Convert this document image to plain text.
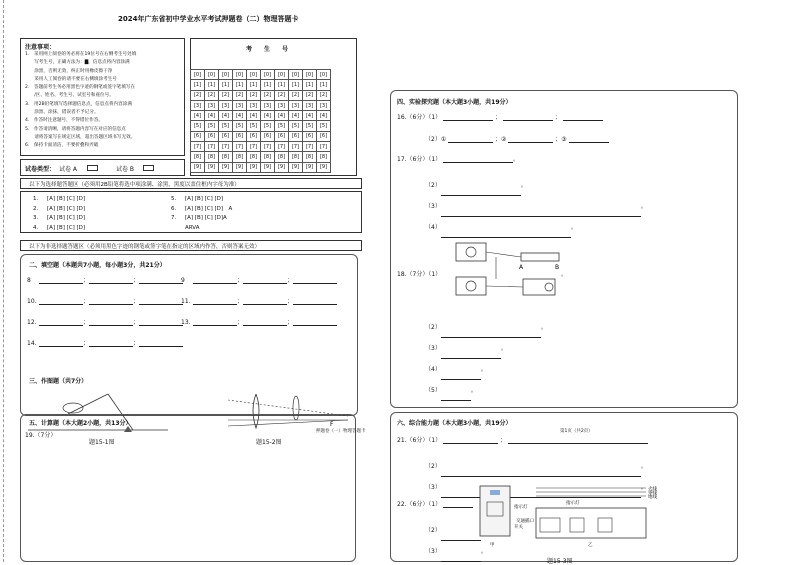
2024年广东省初中学业水平考试押题卷（二）物理答题卡
注意事项：
1.　采用网上阅卷的务必将在19位号在右侧考生号处填
　　写考生号，正确方法为：▇，信息点将内容涂满
　　涂黑，否则无效，纠正时用橡皮擦干净
　　采用人工阅卷的请不要在右侧填涂考生号
2.　答题前考生务必用黑色字迹的钢笔或签字笔填写在
　　/区、姓名、考生号、试室号和座位号。
3.　用2B铅笔填写选择题信息点，信息点将内容涂满
　　涂黑、涂抹，错误者不予记分。
4.　作答时注意题号，不得错位作答。
5.　作答请清晰，请将答题内容写在对应的信息点
　　请将答案写在规定区域，超出答题区域书写无效。
6.　保持卡面清洁，不要折叠和弄破
考　　生　　号
[0]	[0]	[0]	[0]	[0]	[0]	[0]	[0]	[0]	[0]
[1]	[1]	[1]	[1]	[1]	[1]	[1]	[1]	[1]	[1]
[2]	[2]	[2]	[2]	[2]	[2]	[2]	[2]	[2]	[2]
[3]	[3]	[3]	[3]	[3]	[3]	[3]	[3]	[3]	[3]
[4]	[4]	[4]	[4]	[4]	[4]	[4]	[4]	[4]	[4]
[5]	[5]	[5]	[5]	[5]	[5]	[5]	[5]	[5]	[5]
[6]	[6]	[6]	[6]	[6]	[6]	[6]	[6]	[6]	[6]
[7]	[7]	[7]	[7]	[7]	[7]	[7]	[7]	[7]	[7]
[8]	[8]	[8]	[8]	[8]	[8]	[8]	[8]	[8]	[8]
[9]	[9]	[9]	[9]	[9]	[9]	[9]	[9]	[9]	[9]
试卷类型： 试卷 A	试卷 B
以下为选择题答题区（必须用2B铅笔将选中项涂满、涂黑，黑度以盖住框内字母为准）
1. [A] [B] [C] [D]
2. [A] [B] [C] [D]
3. [A] [B] [C] [D]
4. [A] [B] [C] [D]
5. [A] [B] [C] [D]
6. [A] [B] [C] [D]　A
7. [A] [B] [C] [D]A
ARVA
以下为非选择题答题区（必须用黑色字迹的钢笔或签字笔在指定的区域内作答，否则答案无效）
二、填空题（本题共7小题，每小题3分，共21分）
8	；	；	9	；	；
10.	；	；	11.	；	；
12.	；	；	13.	；	；
14.	；	；
三、作图题（共7分）
F
五、计算题（本大题2小题，共13分）
19.（7分）
题15-1图	题15-2图
押题卷（一）物理答题卡	第1页（共2页）
四、实验探究题（本大题3小题，共19分）
16.（6分）（1）	；	；
（2）①	；②	；③
17.（6分）（1）	。
（2）	。
（3）	。
（4）	。
18.（7分）（1）
A	B
。
（2）	。
（3）	。
（4）	。
（5）	。
六、综合能力题（本大题3小题，共19分）
21.（6分）（1）	；
（2）	。
（3）	。
22.（6分）（1）
（2）
（3）	。
题15-3图
指示灯
开关
指示灯
火线
零线
地线
交通插口
甲	乙
